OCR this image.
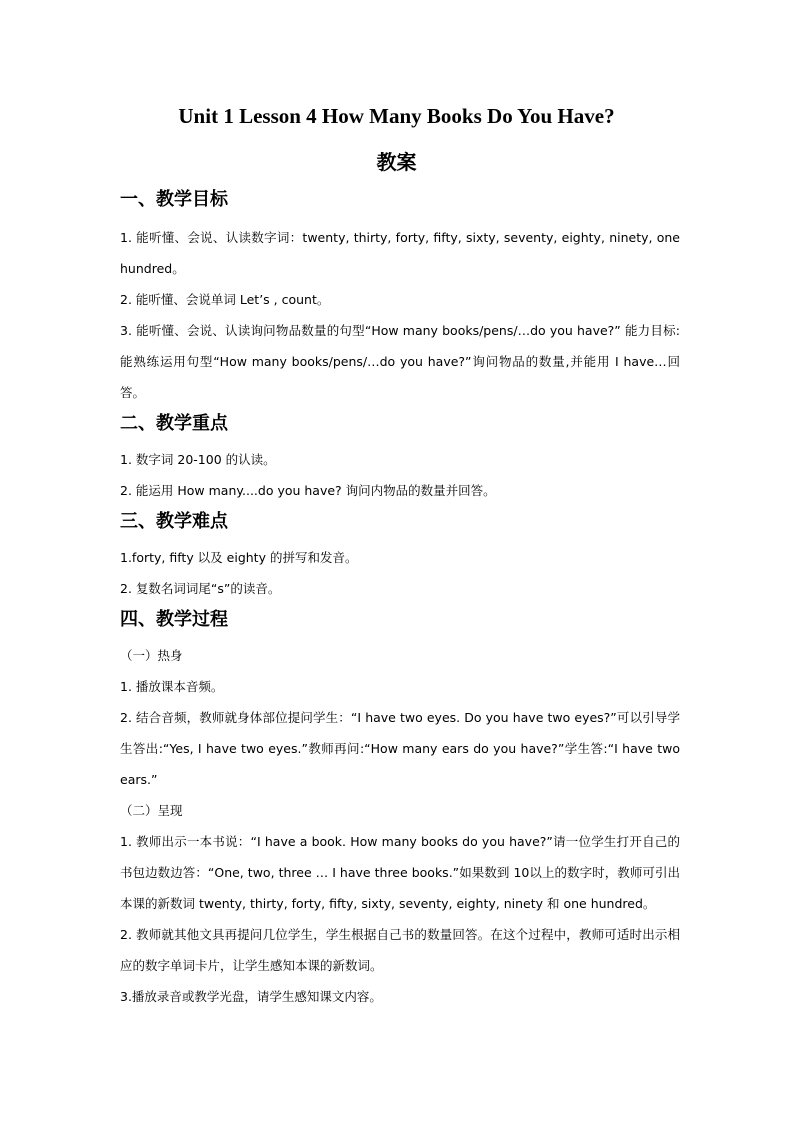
Unit 1 Lesson 4 How Many Books Do You Have?
教案
一、教学目标

1. 能听懂、会说、认读数字词：twenty, thirty, forty, fifty, sixty, seventy, eighty, ninety, one hundred。

2. 能听懂、会说单词 Let’s , count。

3. 能听懂、会说、认读询问物品数量的句型“How many books/pens/…do you have?” 能力目标:能熟练运用句型“How many books/pens/…do you have?”询问物品的数量,并能用 I have…回答。

二、教学重点

1. 数字词 20-100 的认读。

2. 能运用 How many....do you have? 询问内物品的数量并回答。

三、教学难点

1.forty, fifty 以及 eighty 的拼写和发音。

2. 复数名词词尾“s”的读音。

四、教学过程

（一）热身

1. 播放课本音频。

2. 结合音频，教师就身体部位提问学生：“I have two eyes. Do you have two eyes?”可以引导学生答出:“Yes, I have two eyes.”教师再问:“How many ears do you have?”学生答:“I have two ears.”

（二）呈现

1. 教师出示一本书说：“I have a book. How many books do you have?”请一位学生打开自己的书包边数边答：“One, two, three … I have three books.”如果数到 10以上的数字时，教师可引出本课的新数词 twenty, thirty, forty, fifty, sixty, seventy, eighty, ninety 和 one hundred。

2. 教师就其他文具再提问几位学生，学生根据自己书的数量回答。在这个过程中，教师可适时出示相应的数字单词卡片，让学生感知本课的新数词。

3.播放录音或教学光盘，请学生感知课文内容。
